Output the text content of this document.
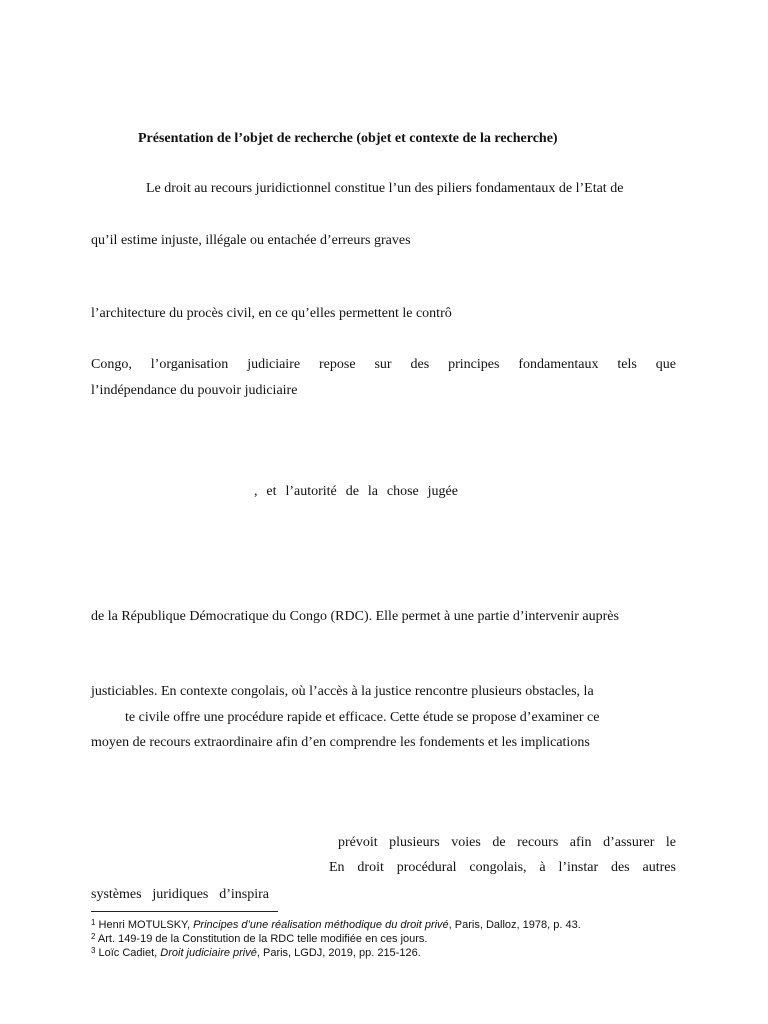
Présentation de l’objet de recherche (objet et contexte de la recherche)
Le droit au recours juridictionnel constitue l’un des piliers fondamentaux de l’Etat de
qu’il estime injuste, illégale ou entachée d’erreurs graves
l’architecture du procès civil, en ce qu’elles permettent le contrô
Congo, l’organisation judiciaire repose sur des principes fondamentaux tels que
l’indépendance du pouvoir judiciaire
, et l’autorité de la chose jugée
de la République Démocratique du Congo (RDC). Elle permet à une partie d’intervenir auprès
justiciables. En contexte congolais, où l’accès à la justice rencontre plusieurs obstacles, la
te civile offre une procédure rapide et efficace. Cette étude se propose d’examiner ce
moyen de recours extraordinaire afin d’en comprendre les fondements et les implications
prévoit plusieurs voies de recours afin d’assurer le
En droit procédural congolais, à l’instar des autres
systèmes juridiques d’inspira
$^1$ Henri MOTULSKY, Principes d’une réalisation méthodique du droit privé, Paris, Dalloz, 1978, p. 43.
$^2$ Art. 149-19 de la Constitution de la RDC telle modifiée en ces jours.
$^3$ Loïc Cadiet, Droit judiciaire privé, Paris, LGDJ, 2019, pp. 215-126.
